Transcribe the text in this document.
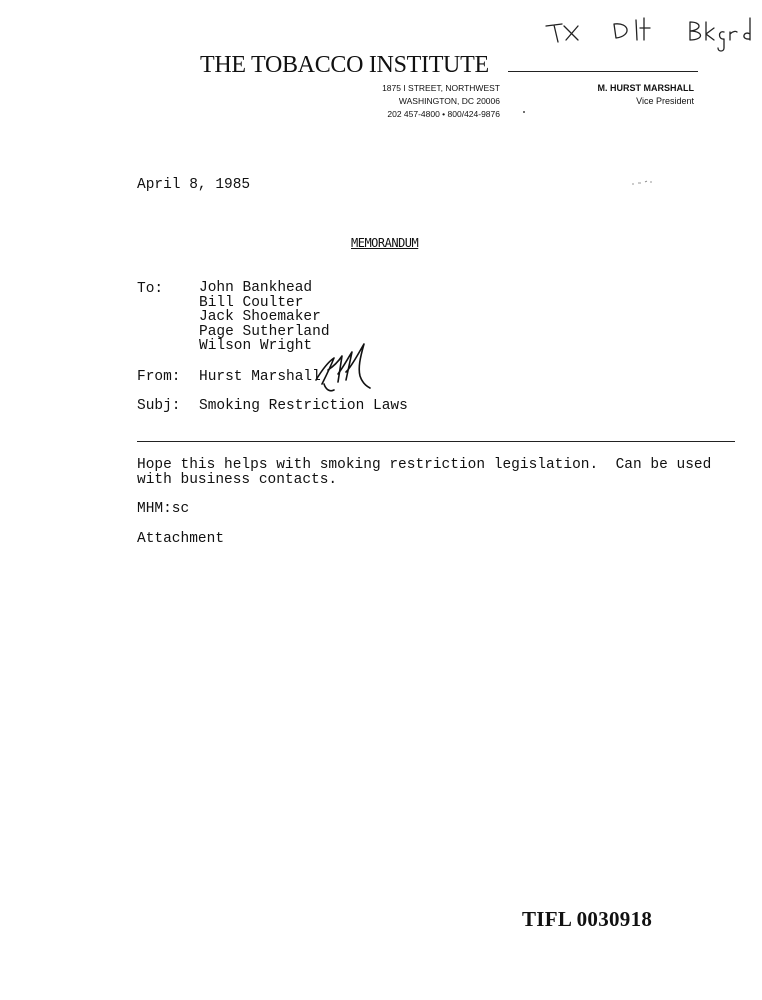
THE TOBACCO INSTITUTE
1875 I STREET, NORTHWEST
WASHINGTON, DC 20006
202 457-4800 • 800/424-9876
M. HURST MARSHALL
Vice President
April 8, 1985
MEMORANDUM
To: John Bankhead
Bill Coulter
Jack Shoemaker
Page Sutherland
Wilson Wright
From: Hurst Marshall
Subj: Smoking Restriction Laws
Hope this helps with smoking restriction legislation.  Can be used
with business contacts.
MHM:sc
Attachment
TIFL 0030918
